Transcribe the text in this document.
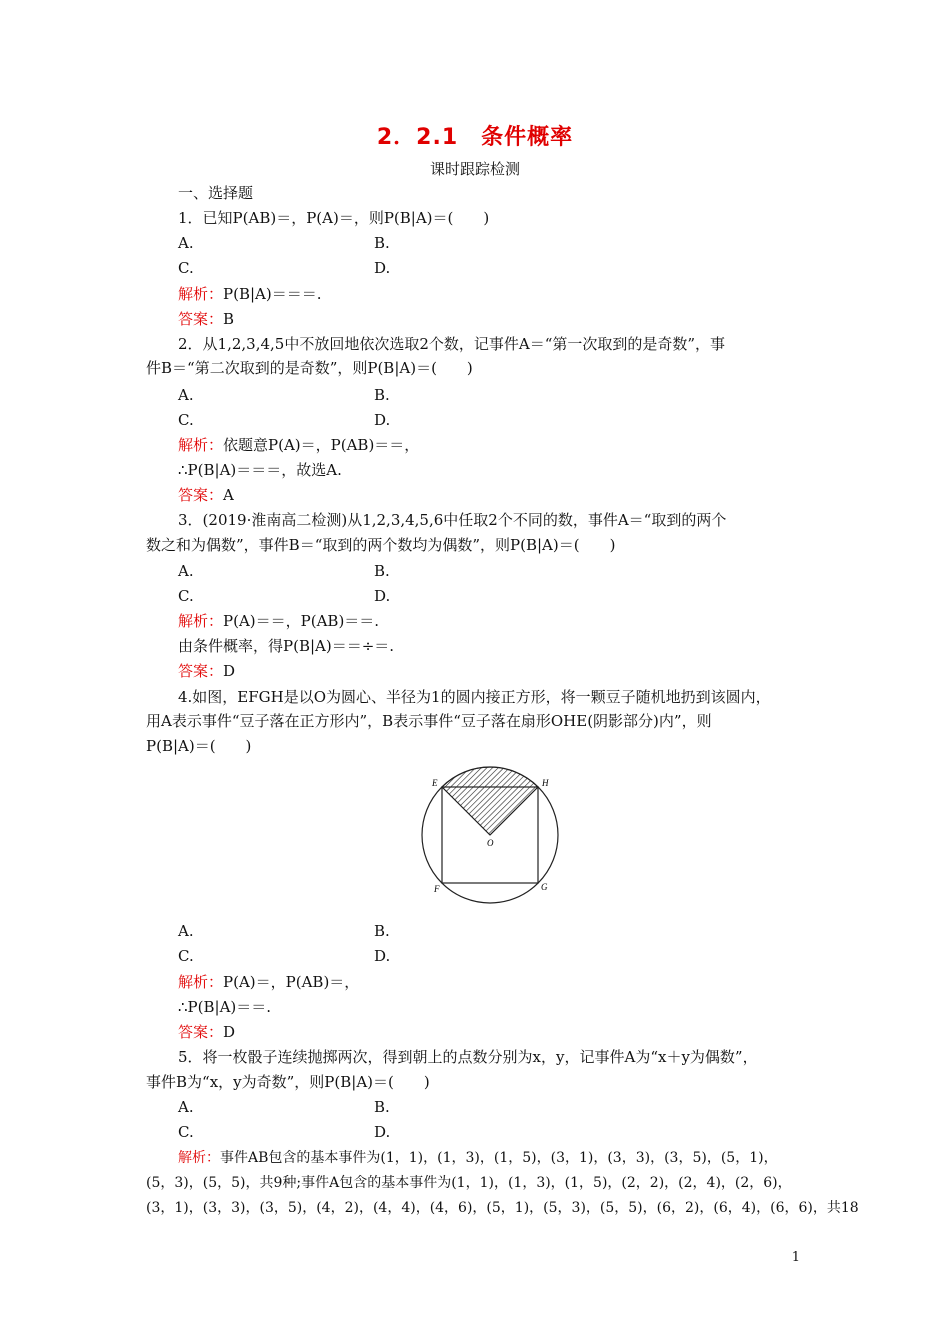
2．2.1　条件概率
课时跟踪检测
一、选择题
1．已知P(AB)＝，P(A)＝，则P(B|A)＝(　　)
A.	B.
C.	D.
解析：P(B|A)＝＝＝.
答案：B
2．从1,2,3,4,5中不放回地依次选取2个数，记事件A＝“第一次取到的是奇数”，事
件B＝“第二次取到的是奇数”，则P(B|A)＝(　　)
A.	B.
C.	D.
解析：依题意P(A)＝，P(AB)＝＝，
∴P(B|A)＝＝＝，故选A.
答案：A
3．(2019·淮南高二检测)从1,2,3,4,5,6中任取2个不同的数，事件A＝“取到的两个
数之和为偶数”，事件B＝“取到的两个数均为偶数”，则P(B|A)＝(　　)
A.	B.
C.	D.
解析：P(A)＝＝，P(AB)＝＝.
由条件概率，得P(B|A)＝＝÷＝.
答案：D
4.如图，EFGH是以O为圆心、半径为1的圆内接正方形，将一颗豆子随机地扔到该圆内，
用A表示事件“豆子落在正方形内”，B表示事件“豆子落在扇形OHE(阴影部分)内”，则
P(B|A)＝(　　)
E	H
O
F	G
A.	B.
C.	D.
解析：P(A)＝，P(AB)＝，
∴P(B|A)＝＝.
答案：D
5．将一枚骰子连续抛掷两次，得到朝上的点数分别为x，y，记事件A为“x＋y为偶数”，
事件B为“x，y为奇数”，则P(B|A)＝(　　)
A.	B.
C.	D.
解析：事件AB包含的基本事件为(1，1)，(1，3)，(1，5)，(3，1)，(3，3)，(3，5)，(5，1)，
(5，3)，(5，5)，共9种;事件A包含的基本事件为(1，1)，(1，3)，(1，5)，(2，2)，(2，4)，(2，6)，
(3，1)，(3，3)，(3，5)，(4，2)，(4，4)，(4，6)，(5，1)，(5，3)，(5，5)，(6，2)，(6，4)，(6，6)，共18
1
